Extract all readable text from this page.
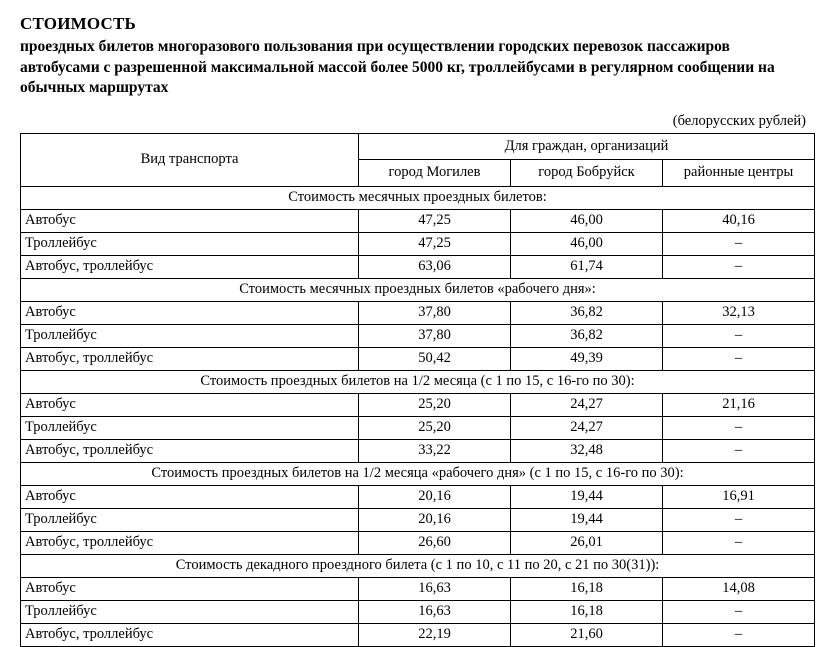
СТОИМОСТЬ

проездных билетов многоразового пользования при осуществлении городских перевозок пассажиров автобусами с разрешенной максимальной массой более 5000 кг, троллейбусами в регулярном сообщении на обычных маршрутах

(белорусских рублей)
Вид транспорта	Для граждан, организаций		
	город Могилев	город Бобруйск	районные центры
Стоимость месячных проездных билетов:			
Автобус	47,25	46,00	40,16
Троллейбус	47,25	46,00	–
Автобус, троллейбус	63,06	61,74	–
Стоимость месячных проездных билетов «рабочего дня»:			
Автобус	37,80	36,82	32,13
Троллейбус	37,80	36,82	–
Автобус, троллейбус	50,42	49,39	–
Стоимость проездных билетов на 1/2 месяца (с 1 по 15, с 16-го по 30):			
Автобус	25,20	24,27	21,16
Троллейбус	25,20	24,27	–
Автобус, троллейбус	33,22	32,48	–
Стоимость проездных билетов на 1/2 месяца «рабочего дня» (с 1 по 15, с 16-го по 30):			
Автобус	20,16	19,44	16,91
Троллейбус	20,16	19,44	–
Автобус, троллейбус	26,60	26,01	–
Стоимость декадного проездного билета (с 1 по 10, с 11 по 20, с 21 по 30(31)):			
Автобус	16,63	16,18	14,08
Троллейбус	16,63	16,18	–
Автобус, троллейбус	22,19	21,60	–
